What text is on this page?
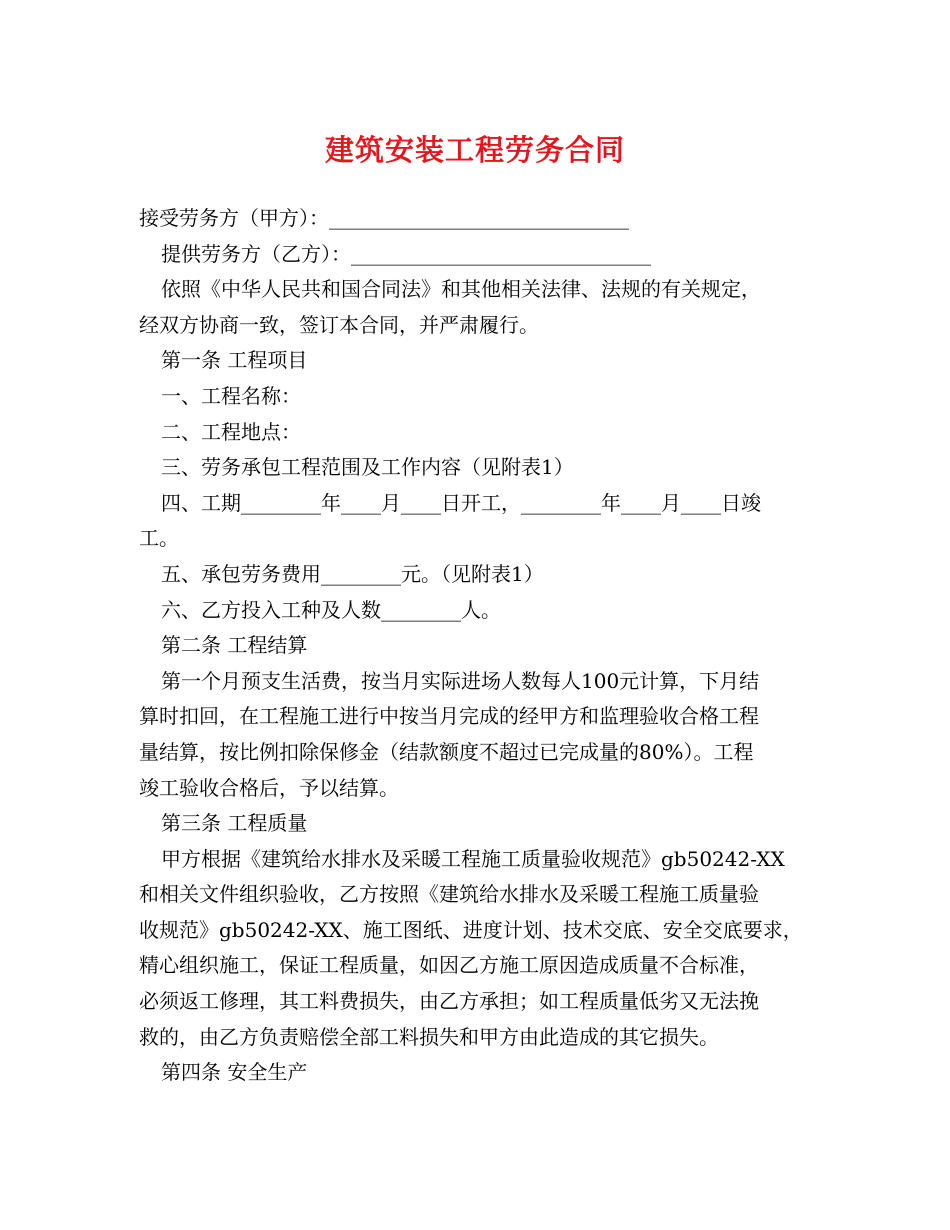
建筑安装工程劳务合同
接受劳务方（甲方）：______________________________
提供劳务方（乙方）：______________________________
依照《中华人民共和国合同法》和其他相关法律、法规的有关规定，
经双方协商一致，签订本合同，并严肃履行。
第一条 工程项目
一、工程名称：
二、工程地点：
三、劳务承包工程范围及工作内容（见附表1）
四、工期________年____月____日开工，________年____月____日竣
工。
五、承包劳务费用________元。（见附表1）
六、乙方投入工种及人数________人。
第二条 工程结算
第一个月预支生活费，按当月实际进场人数每人100元计算，下月结
算时扣回，在工程施工进行中按当月完成的经甲方和监理验收合格工程
量结算，按比例扣除保修金（结款额度不超过已完成量的80%）。工程
竣工验收合格后，予以结算。
第三条 工程质量
甲方根据《建筑给水排水及采暖工程施工质量验收规范》gb50242-XX
和相关文件组织验收，乙方按照《建筑给水排水及采暖工程施工质量验
收规范》gb50242-XX、施工图纸、进度计划、技术交底、安全交底要求，
精心组织施工，保证工程质量，如因乙方施工原因造成质量不合标准，
必须返工修理，其工料费损失，由乙方承担；如工程质量低劣又无法挽
救的，由乙方负责赔偿全部工料损失和甲方由此造成的其它损失。
第四条 安全生产
